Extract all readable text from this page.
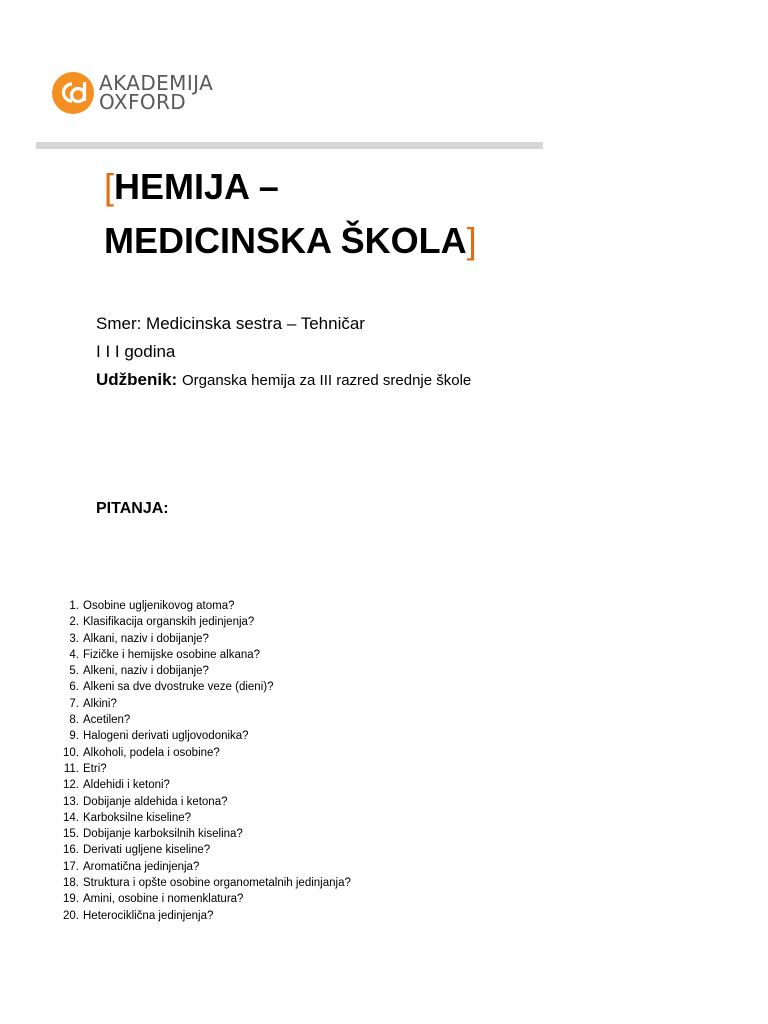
AKADEMIJA
OXFORD
[HEMIJA –
MEDICINSKA ŠKOLA]
Smer: Medicinska sestra – Tehničar
I I I godina
Udžbenik: Organska hemija za III razred srednje škole
PITANJA:
1. Osobine ugljenikovog atoma?
2. Klasifikacija organskih jedinjenja?
3. Alkani, naziv i dobijanje?
4. Fizičke i hemijske osobine alkana?
5. Alkeni, naziv i dobijanje?
6. Alkeni sa dve dvostruke veze (dieni)?
7. Alkini?
8. Acetilen?
9. Halogeni derivati ugljovodonika?
10. Alkoholi, podela i osobine?
11. Etri?
12. Aldehidi i ketoni?
13. Dobijanje aldehida i ketona?
14. Karboksilne kiseline?
15. Dobijanje karboksilnih kiselina?
16. Derivati ugljene kiseline?
17. Aromatična jedinjenja?
18. Struktura i opšte osobine organometalnih jedinjanja?
19. Amini, osobine i nomenklatura?
20. Heterociklična jedinjenja?
